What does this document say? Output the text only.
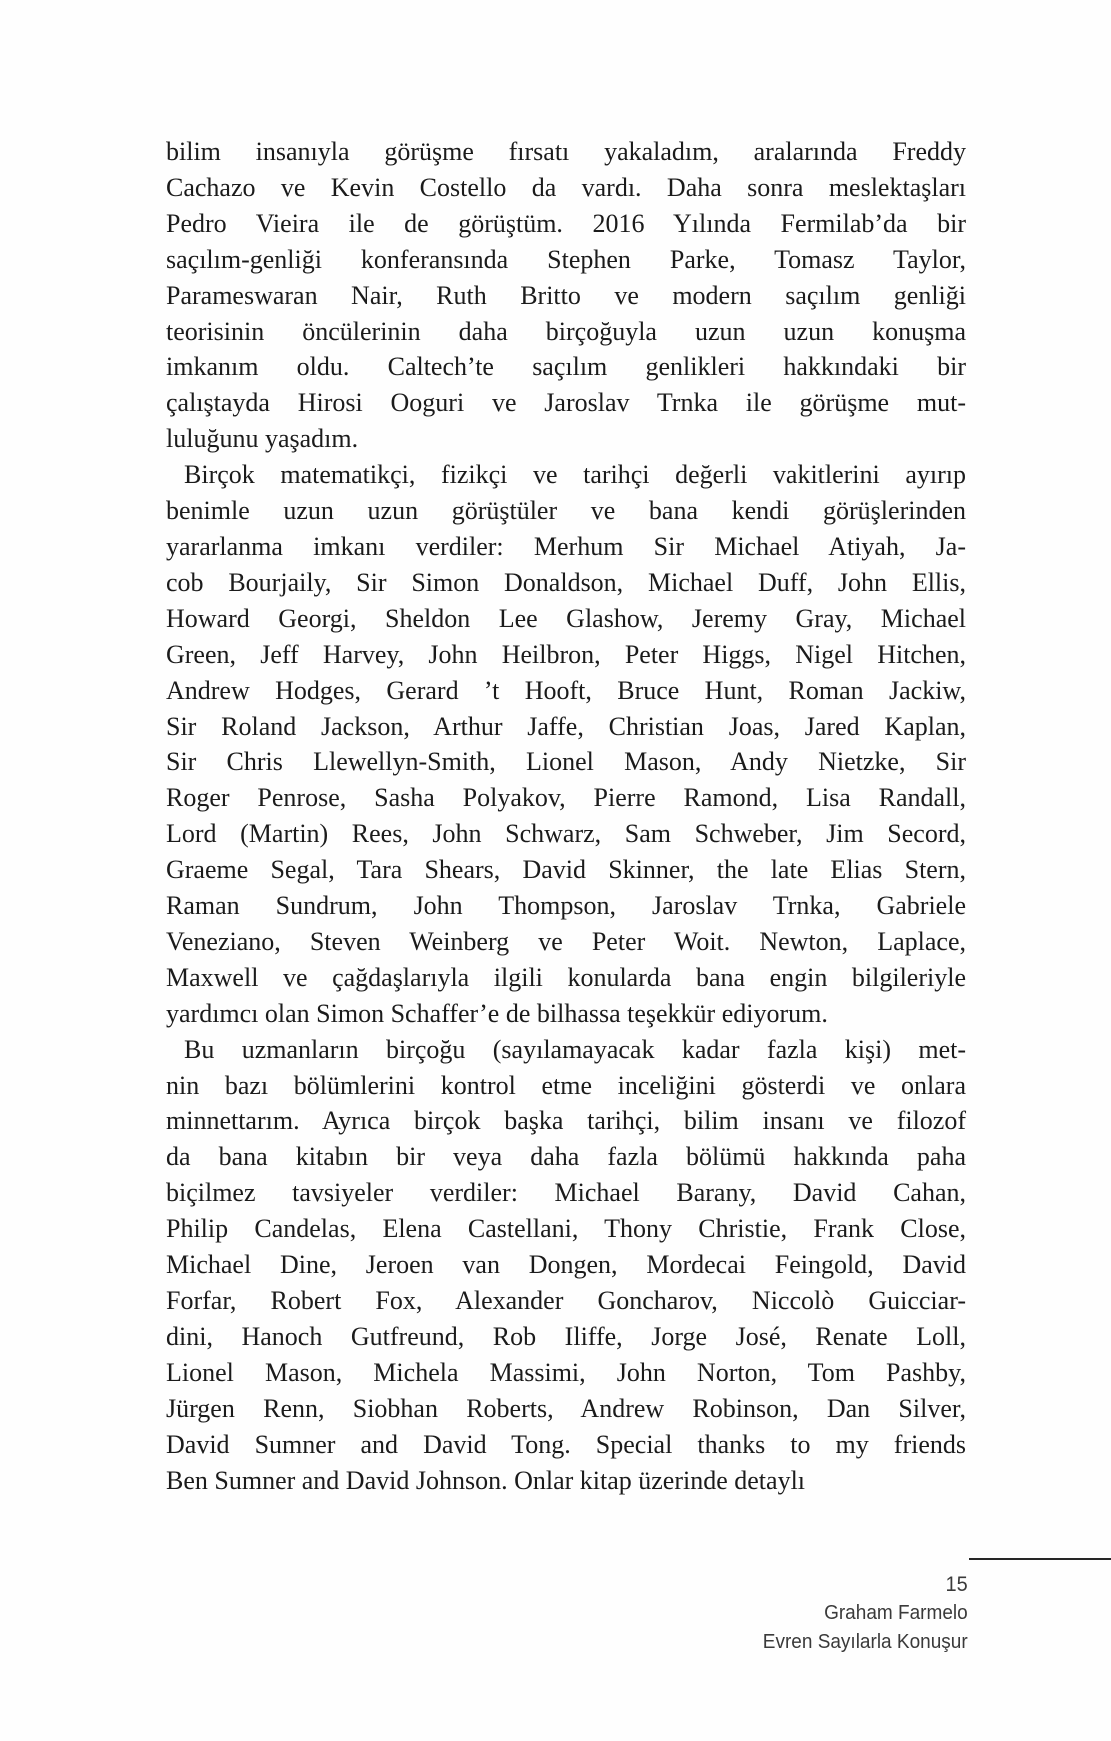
bilim insanıyla görüşme fırsatı yakaladım, aralarında Freddy
Cachazo ve Kevin Costello da vardı. Daha sonra meslektaşları
Pedro Vieira ile de görüştüm. 2016 Yılında Fermilab’da bir
saçılım-genliği konferansında Stephen Parke, Tomasz Taylor,
Parameswaran Nair, Ruth Britto ve modern saçılım genliği
teorisinin öncülerinin daha birçoğuyla uzun uzun konuşma
imkanım oldu. Caltech’te saçılım genlikleri hakkındaki bir
çalıştayda Hirosi Ooguri ve Jaroslav Trnka ile görüşme mut-
luluğunu yaşadım.
Birçok matematikçi, fizikçi ve tarihçi değerli vakitlerini ayırıp
benimle uzun uzun görüştüler ve bana kendi görüşlerinden
yararlanma imkanı verdiler: Merhum Sir Michael Atiyah, Ja-
cob Bourjaily, Sir Simon Donaldson, Michael Duff, John Ellis,
Howard Georgi, Sheldon Lee Glashow, Jeremy Gray, Michael
Green, Jeff Harvey, John Heilbron, Peter Higgs, Nigel Hitchen,
Andrew Hodges, Gerard ’t Hooft, Bruce Hunt, Roman Jackiw,
Sir Roland Jackson, Arthur Jaffe, Christian Joas, Jared Kaplan,
Sir Chris Llewellyn-Smith, Lionel Mason, Andy Nietzke, Sir
Roger Penrose, Sasha Polyakov, Pierre Ramond, Lisa Randall,
Lord (Martin) Rees, John Schwarz, Sam Schweber, Jim Secord,
Graeme Segal, Tara Shears, David Skinner, the late Elias Stern,
Raman Sundrum, John Thompson, Jaroslav Trnka, Gabriele
Veneziano, Steven Weinberg ve Peter Woit. Newton, Laplace,
Maxwell ve çağdaşlarıyla ilgili konularda bana engin bilgileriyle
yardımcı olan Simon Schaffer’e de bilhassa teşekkür ediyorum.
Bu uzmanların birçoğu (sayılamayacak kadar fazla kişi) met-
nin bazı bölümlerini kontrol etme inceliğini gösterdi ve onlara
minnettarım. Ayrıca birçok başka tarihçi, bilim insanı ve filozof
da bana kitabın bir veya daha fazla bölümü hakkında paha
biçilmez tavsiyeler verdiler: Michael Barany, David Cahan,
Philip Candelas, Elena Castellani, Thony Christie, Frank Close,
Michael Dine, Jeroen van Dongen, Mordecai Feingold, David
Forfar, Robert Fox, Alexander Goncharov, Niccolò Guicciar-
dini, Hanoch Gutfreund, Rob Iliffe, Jorge José, Renate Loll,
Lionel Mason, Michela Massimi, John Norton, Tom Pashby,
Jürgen Renn, Siobhan Roberts, Andrew Robinson, Dan Silver,
David Sumner and David Tong. Special thanks to my friends
Ben Sumner and David Johnson. Onlar kitap üzerinde detaylı
15
Graham Farmelo
Evren Sayılarla Konuşur
